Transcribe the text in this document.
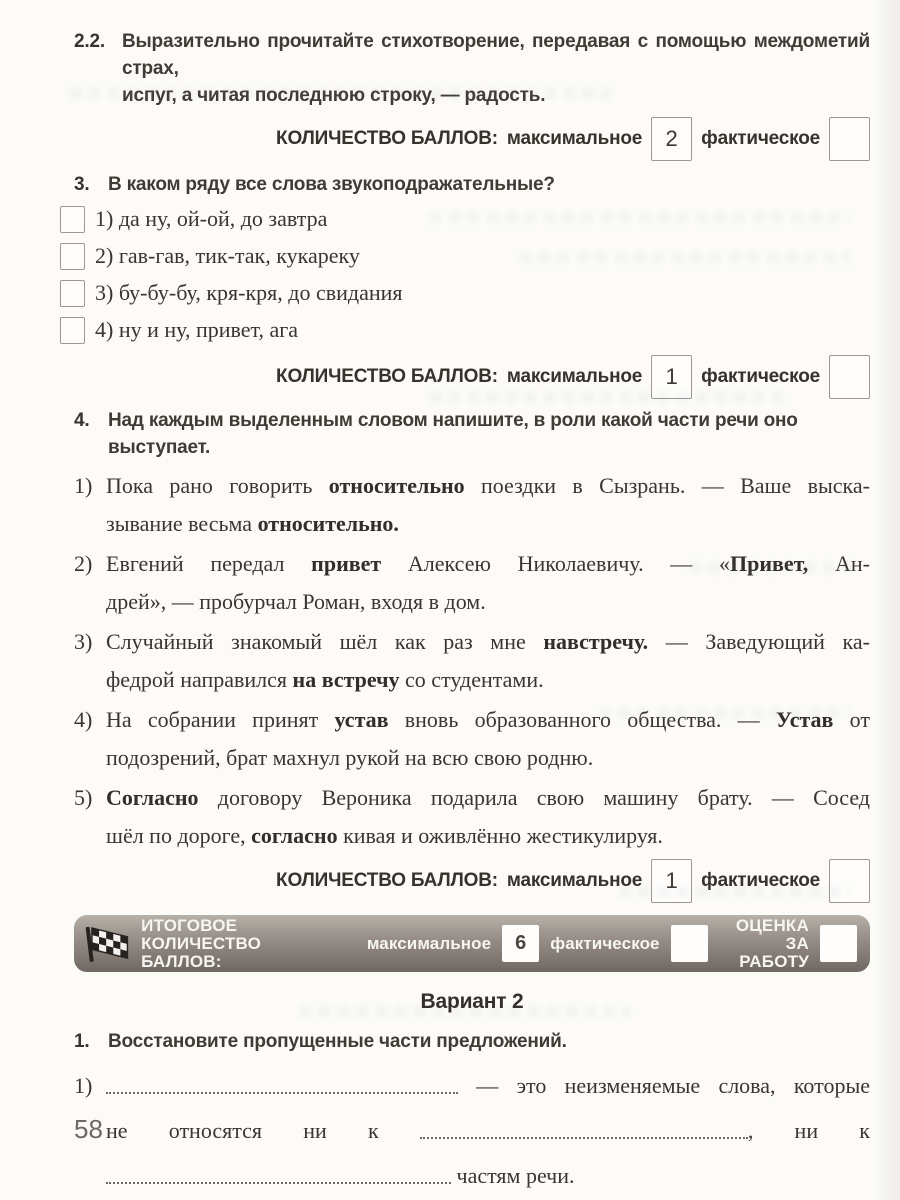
2.2. Выразительно прочитайте стихотворение, передавая с помощью междометий страх,
испуг, а читая последнюю строку, — радость.
КОЛИЧЕСТВО БАЛЛОВ: максимальное 2 фактическое
3. В каком ряду все слова звукоподражательные?
1) да ну, ой-ой, до завтра
2) гав-гав, тик-так, кукареку
3) бу-бу-бу, кря-кря, до свидания
4) ну и ну, привет, ага
КОЛИЧЕСТВО БАЛЛОВ: максимальное 1 фактическое
4. Над каждым выделенным словом напишите, в роли какой части речи оно выступает.
1) Пока рано говорить относительно поездки в Сызрань. — Ваше выска-
зывание весьма относительно.
2) Евгений передал привет Алексею Николаевичу. — «Привет, Ан-
дрей», — пробурчал Роман, входя в дом.
3) Случайный знакомый шёл как раз мне навстречу. — Заведующий ка-
федрой направился на встречу со студентами.
4) На собрании принят устав вновь образованного общества. — Устав от
подозрений, брат махнул рукой на всю свою родню.
5) Согласно договору Вероника подарила свою машину брату. — Сосед
шёл по дороге, согласно кивая и оживлённо жестикулируя.
КОЛИЧЕСТВО БАЛЛОВ: максимальное 1 фактическое
ИТОГОВОЕ КОЛИЧЕСТВО
БАЛЛОВ:
максимальное 6 фактическое
ОЦЕНКА
ЗА РАБОТУ
Вариант 2
1. Восстановите пропущенные части предложений.
1)	— это неизменяемые слова, которые
не относятся ни к	, ни к
частям речи.
58
